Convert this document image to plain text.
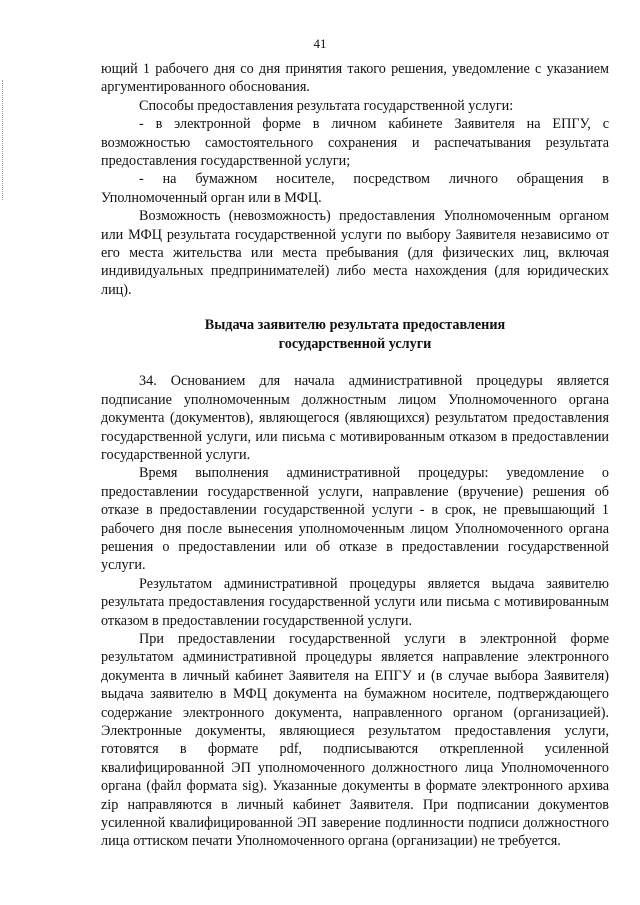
41

ющий 1 рабочего дня со дня принятия такого решения, уведомление с указанием аргументированного обоснования.

Способы предоставления результата государственной услуги:

- в электронной форме в личном кабинете Заявителя на ЕПГУ, с возможностью самостоятельного сохранения и распечатывания результата предоставления государственной услуги;

- на бумажном носителе, посредством личного обращения в Уполномоченный орган или в МФЦ.

Возможность (невозможность) предоставления Уполномоченным органом или МФЦ результата государственной услуги по выбору Заявителя независимо от его места жительства или места пребывания (для физических лиц, включая индивидуальных предпринимателей) либо места нахождения (для юридических лиц).

Выдача заявителю результата предоставления
государственной услуги

34. Основанием для начала административной процедуры является подписание уполномоченным должностным лицом Уполномоченного органа документа (документов), являющегося (являющихся) результатом предоставления государственной услуги, или письма с мотивированным отказом в предоставлении государственной услуги.

Время выполнения административной процедуры: уведомление о предоставлении государственной услуги, направление (вручение) решения об отказе в предоставлении государственной услуги - в срок, не превышающий 1 рабочего дня после вынесения уполномоченным лицом Уполномоченного органа решения о предоставлении или об отказе в предоставлении государственной услуги.

Результатом административной процедуры является выдача заявителю результата предоставления государственной услуги или письма с мотивированным отказом в предоставлении государственной услуги.

При предоставлении государственной услуги в электронной форме результатом административной процедуры является направление электронного документа в личный кабинет Заявителя на ЕПГУ и (в случае выбора Заявителя) выдача заявителю в МФЦ документа на бумажном носителе, подтверждающего содержание электронного документа, направленного органом (организацией). Электронные документы, являющиеся результатом предоставления услуги, готовятся в формате pdf, подписываются открепленной усиленной квалифицированной ЭП уполномоченного должностного лица Уполномоченного органа (файл формата sig). Указанные документы в формате электронного архива zip направляются в личный кабинет Заявителя. При подписании документов усиленной квалифицированной ЭП заверение подлинности подписи должностного лица оттиском печати Уполномоченного органа (организации) не требуется.
